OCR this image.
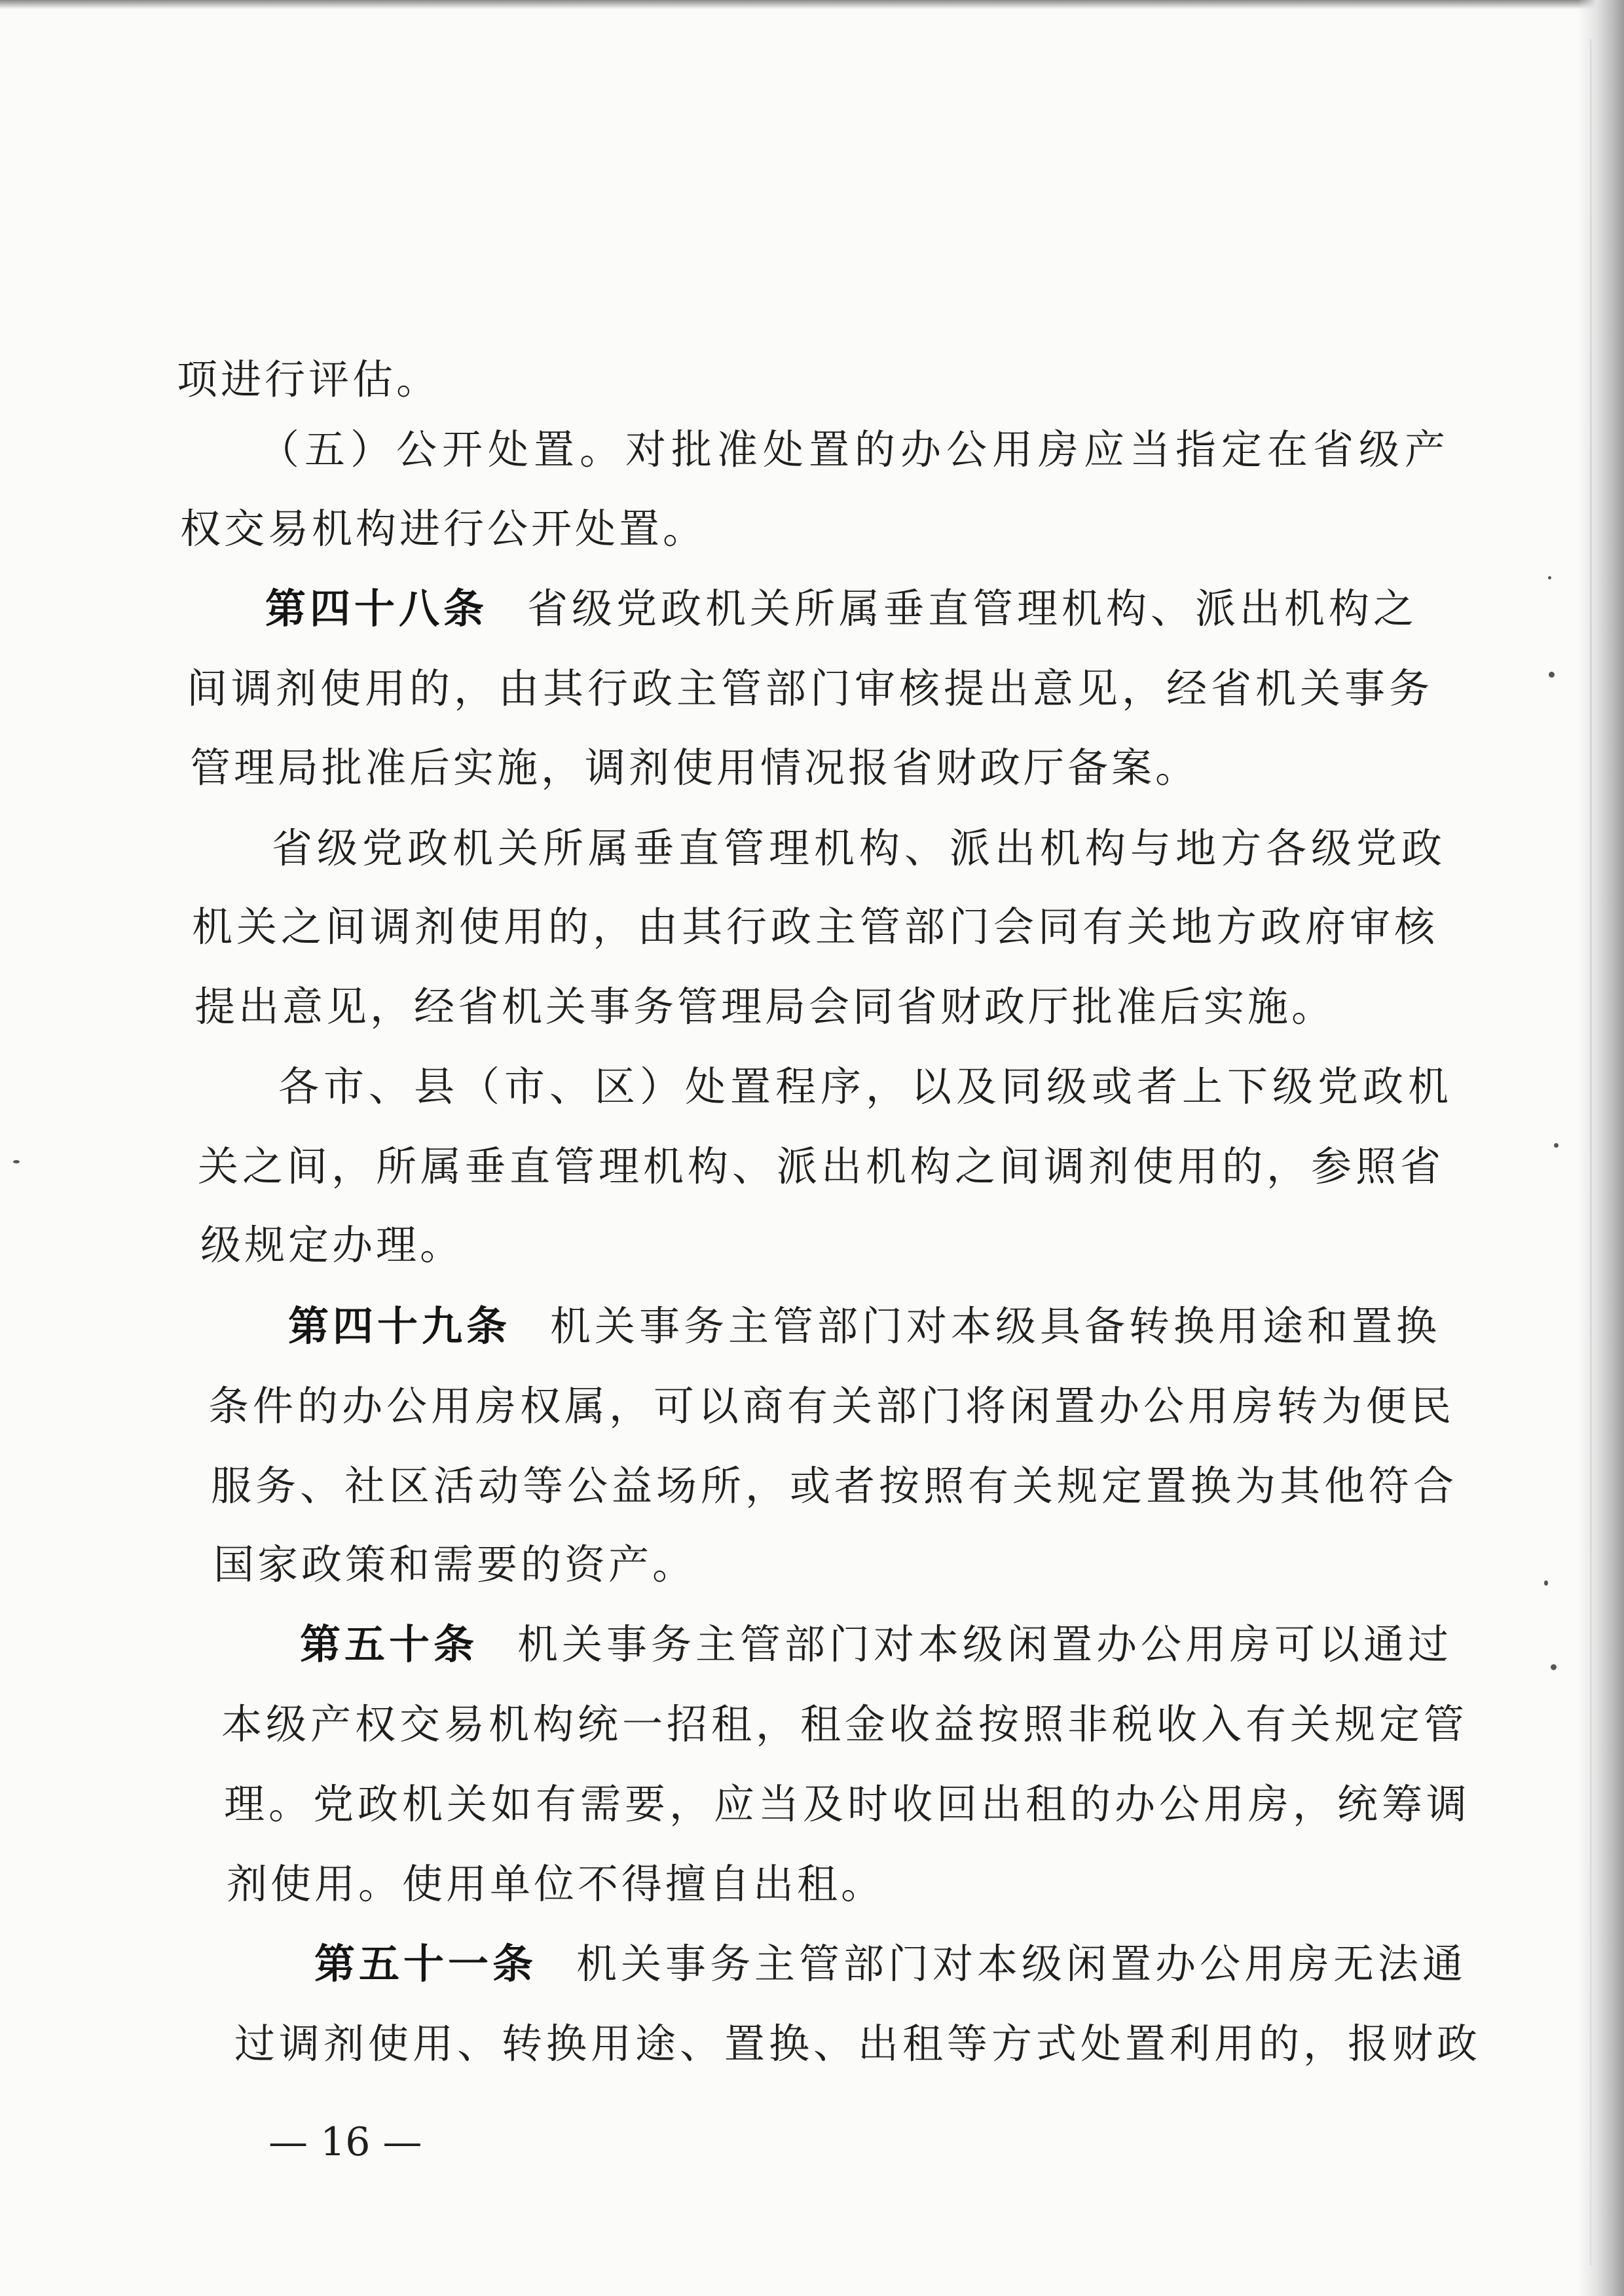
项进行评估。
（五）公开处置。对批准处置的办公用房应当指定在省级产
权交易机构进行公开处置。
第四十八条 省级党政机关所属垂直管理机构、派出机构之
间调剂使用的，由其行政主管部门审核提出意见，经省机关事务
管理局批准后实施，调剂使用情况报省财政厅备案。
省级党政机关所属垂直管理机构、派出机构与地方各级党政
机关之间调剂使用的，由其行政主管部门会同有关地方政府审核
提出意见，经省机关事务管理局会同省财政厅批准后实施。
各市、县（市、区）处置程序，以及同级或者上下级党政机
关之间，所属垂直管理机构、派出机构之间调剂使用的，参照省
级规定办理。
第四十九条 机关事务主管部门对本级具备转换用途和置换
条件的办公用房权属，可以商有关部门将闲置办公用房转为便民
服务、社区活动等公益场所，或者按照有关规定置换为其他符合
国家政策和需要的资产。
第五十条 机关事务主管部门对本级闲置办公用房可以通过
本级产权交易机构统一招租，租金收益按照非税收入有关规定管
理。党政机关如有需要，应当及时收回出租的办公用房，统筹调
剂使用。使用单位不得擅自出租。
第五十一条 机关事务主管部门对本级闲置办公用房无法通
过调剂使用、转换用途、置换、出租等方式处置利用的，报财政
— 16 —
